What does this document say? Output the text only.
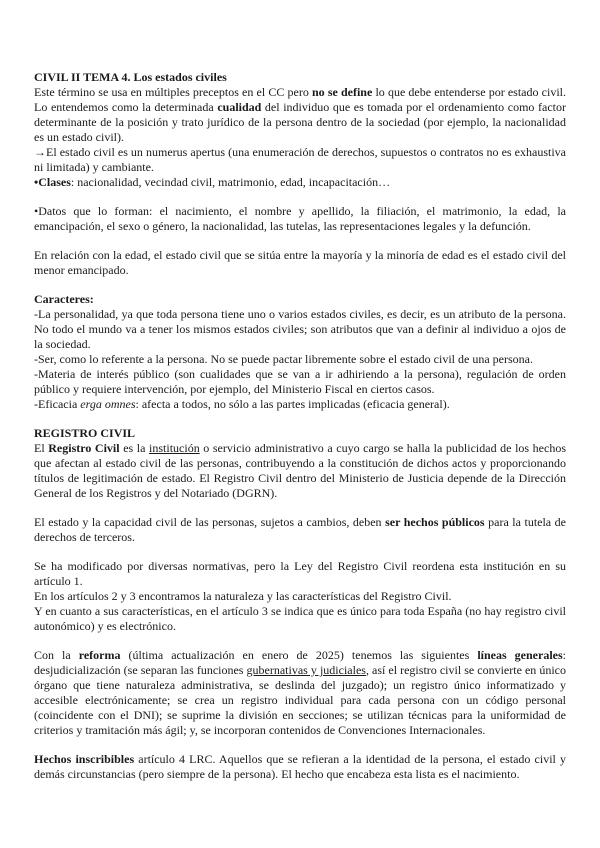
CIVIL II TEMA 4. Los estados civiles

Este término se usa en múltiples preceptos en el CC pero no se define lo que debe entenderse por estado civil. Lo entendemos como la determinada cualidad del individuo que es tomada por el ordenamiento como factor determinante de la posición y trato jurídico de la persona dentro de la sociedad (por ejemplo, la nacionalidad es un estado civil).

→El estado civil es un numerus apertus (una enumeración de derechos, supuestos o contratos no es exhaustiva ni limitada) y cambiante.

•Clases: nacionalidad, vecindad civil, matrimonio, edad, incapacitación…

•Datos que lo forman: el nacimiento, el nombre y apellido, la filiación, el matrimonio, la edad, la emancipación, el sexo o género, la nacionalidad, las tutelas, las representaciones legales y la defunción.

En relación con la edad, el estado civil que se sitúa entre la mayoría y la minoría de edad es el estado civil del menor emancipado.

Caracteres:

-La personalidad, ya que toda persona tiene uno o varios estados civiles, es decir, es un atributo de la persona. No todo el mundo va a tener los mismos estados civiles; son atributos que van a definir al individuo a ojos de la sociedad.

-Ser, como lo referente a la persona. No se puede pactar libremente sobre el estado civil de una persona.

-Materia de interés público (son cualidades que se van a ir adhiriendo a la persona), regulación de orden público y requiere intervención, por ejemplo, del Ministerio Fiscal en ciertos casos.

-Eficacia erga omnes: afecta a todos, no sólo a las partes implicadas (eficacia general).

REGISTRO CIVIL

El Registro Civil es la institución o servicio administrativo a cuyo cargo se halla la publicidad de los hechos que afectan al estado civil de las personas, contribuyendo a la constitución de dichos actos y proporcionando títulos de legitimación de estado. El Registro Civil dentro del Ministerio de Justicia depende de la Dirección General de los Registros y del Notariado (DGRN).

El estado y la capacidad civil de las personas, sujetos a cambios, deben ser hechos públicos para la tutela de derechos de terceros.

Se ha modificado por diversas normativas, pero la Ley del Registro Civil reordena esta institución en su artículo 1.

En los artículos 2 y 3 encontramos la naturaleza y las características del Registro Civil.

Y en cuanto a sus características, en el artículo 3 se indica que es único para toda España (no hay registro civil autonómico) y es electrónico.

Con la reforma (última actualización en enero de 2025) tenemos las siguientes líneas generales: desjudicialización (se separan las funciones gubernativas y judiciales, así el registro civil se convierte en único órgano que tiene naturaleza administrativa, se deslinda del juzgado); un registro único informatizado y accesible electrónicamente; se crea un registro individual para cada persona con un código personal (coincidente con el DNI); se suprime la división en secciones; se utilizan técnicas para la uniformidad de criterios y tramitación más ágil; y, se incorporan contenidos de Convenciones Internacionales.

Hechos inscribibles artículo 4 LRC. Aquellos que se refieran a la identidad de la persona, el estado civil y demás circunstancias (pero siempre de la persona). El hecho que encabeza esta lista es el nacimiento.
